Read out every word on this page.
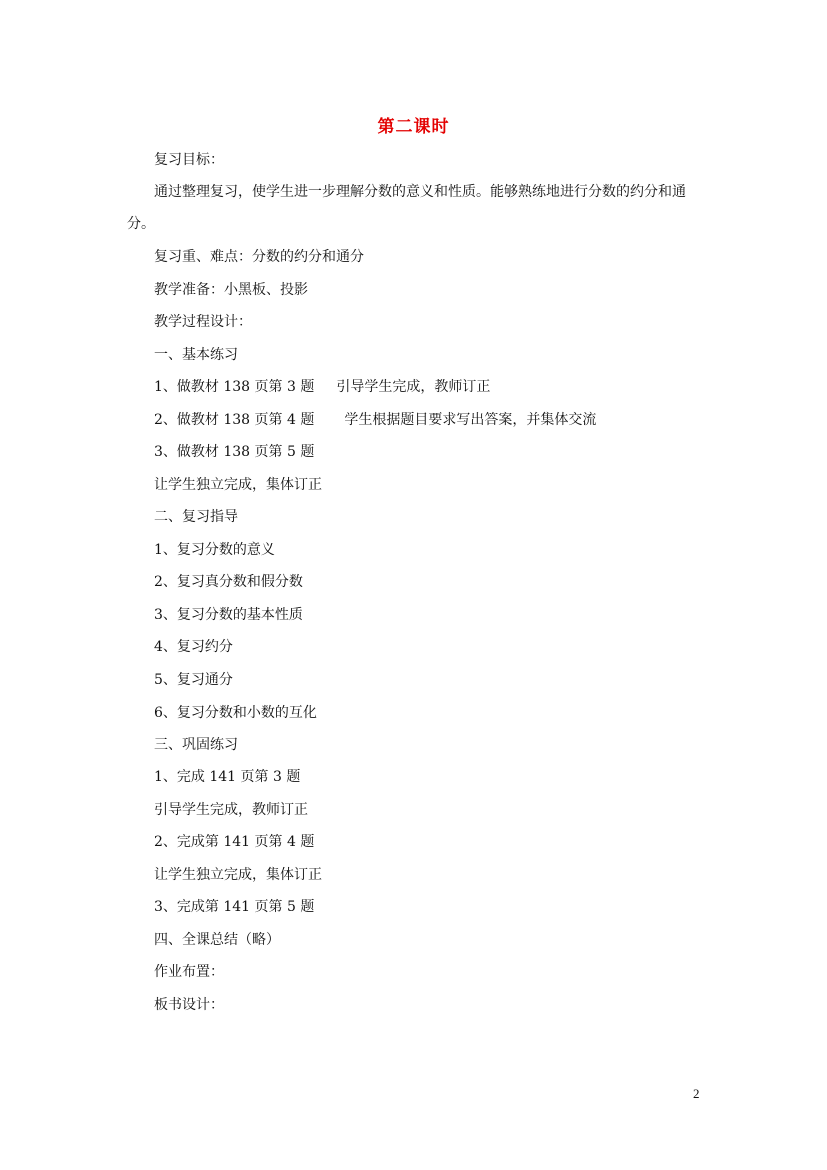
第二课时
复习目标：
通过整理复习，使学生进一步理解分数的意义和性质。能够熟练地进行分数的约分和通
分。
复习重、难点：分数的约分和通分
教学准备：小黑板、投影
教学过程设计：
一、基本练习
1、做教材 138 页第 3 题 引导学生完成，教师订正
2、做教材 138 页第 4 题 学生根据题目要求写出答案，并集体交流
3、做教材 138 页第 5 题
让学生独立完成，集体订正
二、复习指导
1、复习分数的意义
2、复习真分数和假分数
3、复习分数的基本性质
4、复习约分
5、复习通分
6、复习分数和小数的互化
三、巩固练习
1、完成 141 页第 3 题
引导学生完成，教师订正
2、完成第 141 页第 4 题
让学生独立完成，集体订正
3、完成第 141 页第 5 题
四、全课总结（略）
作业布置：
板书设计：
2
